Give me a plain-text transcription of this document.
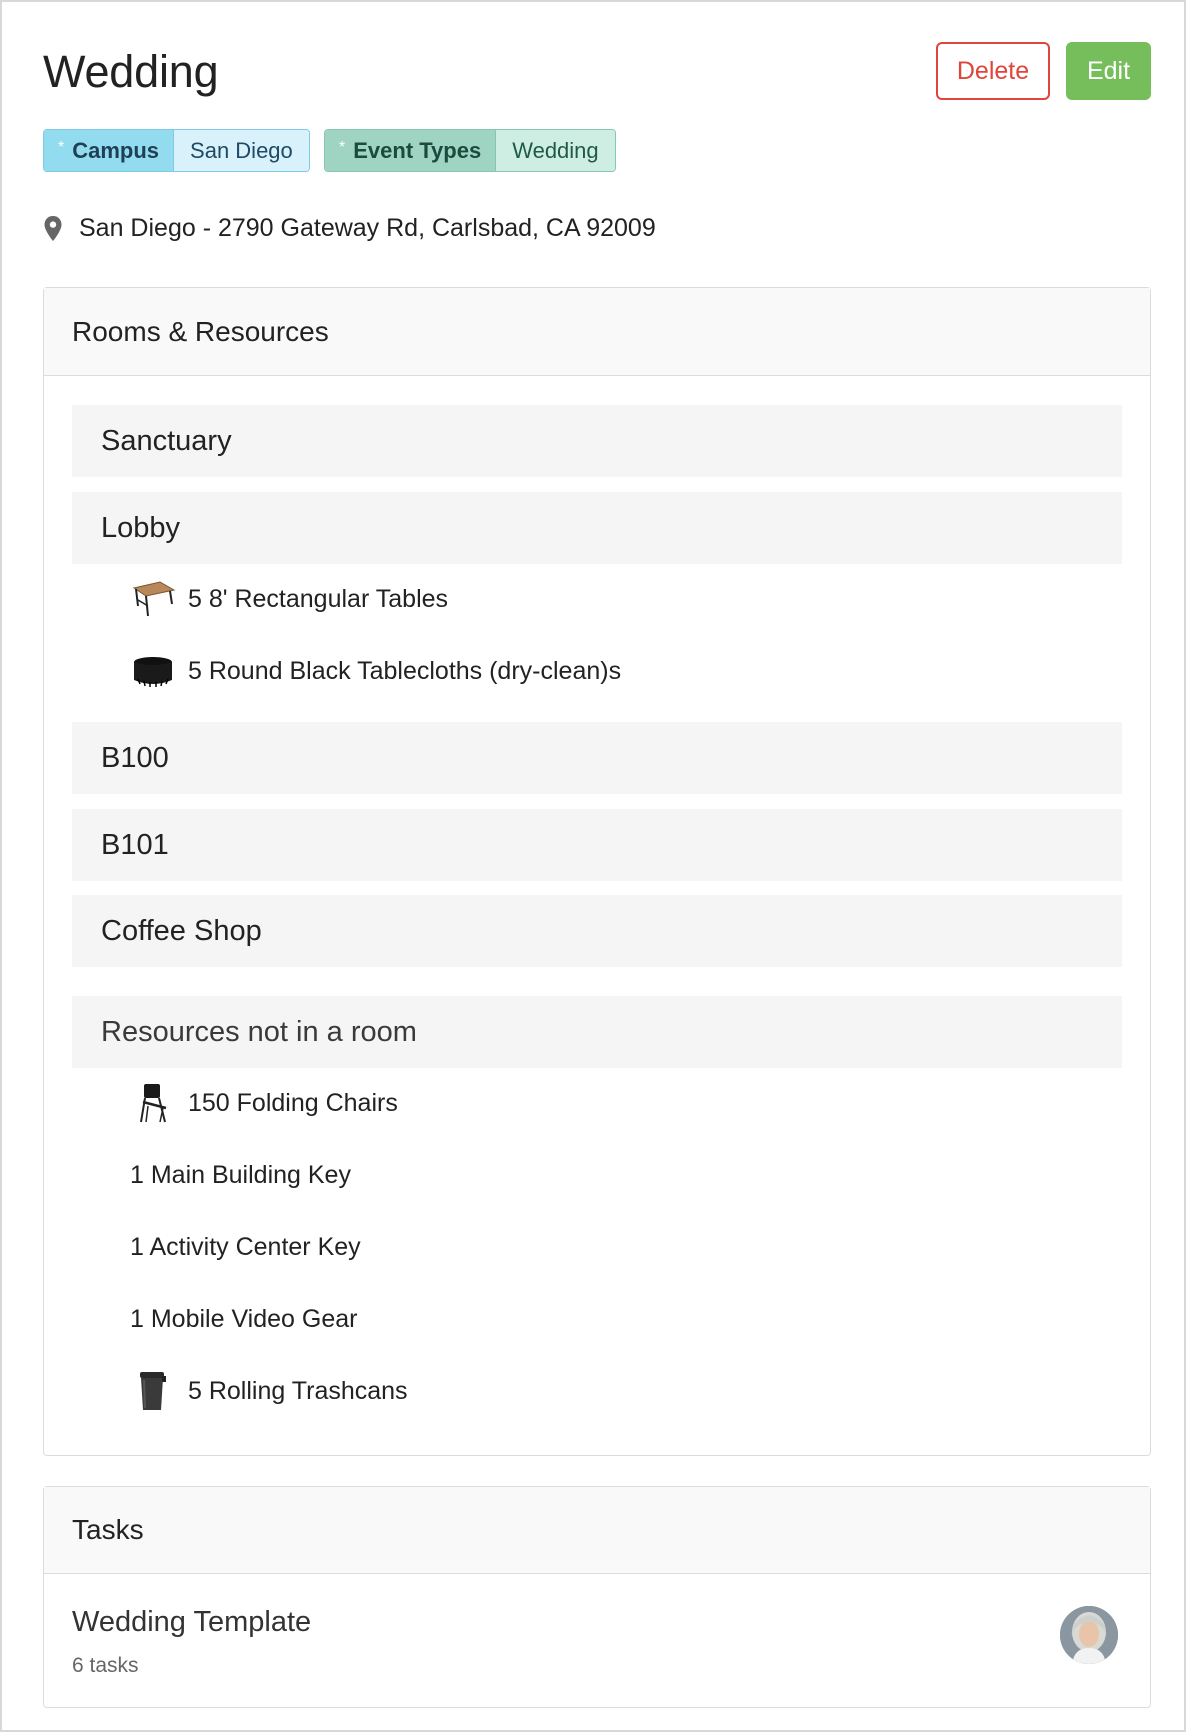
Wedding	Delete	Edit
* Campus	San Diego	* Event Types	Wedding
San Diego - 2790 Gateway Rd, Carlsbad, CA 92009
Rooms & Resources
Sanctuary
Lobby
5 8' Rectangular Tables
5 Round Black Tablecloths (dry-clean)s
B100
B101
Coffee Shop
Resources not in a room
150 Folding Chairs
1 Main Building Key
1 Activity Center Key
1 Mobile Video Gear
5 Rolling Trashcans
Tasks
Wedding Template
6 tasks
